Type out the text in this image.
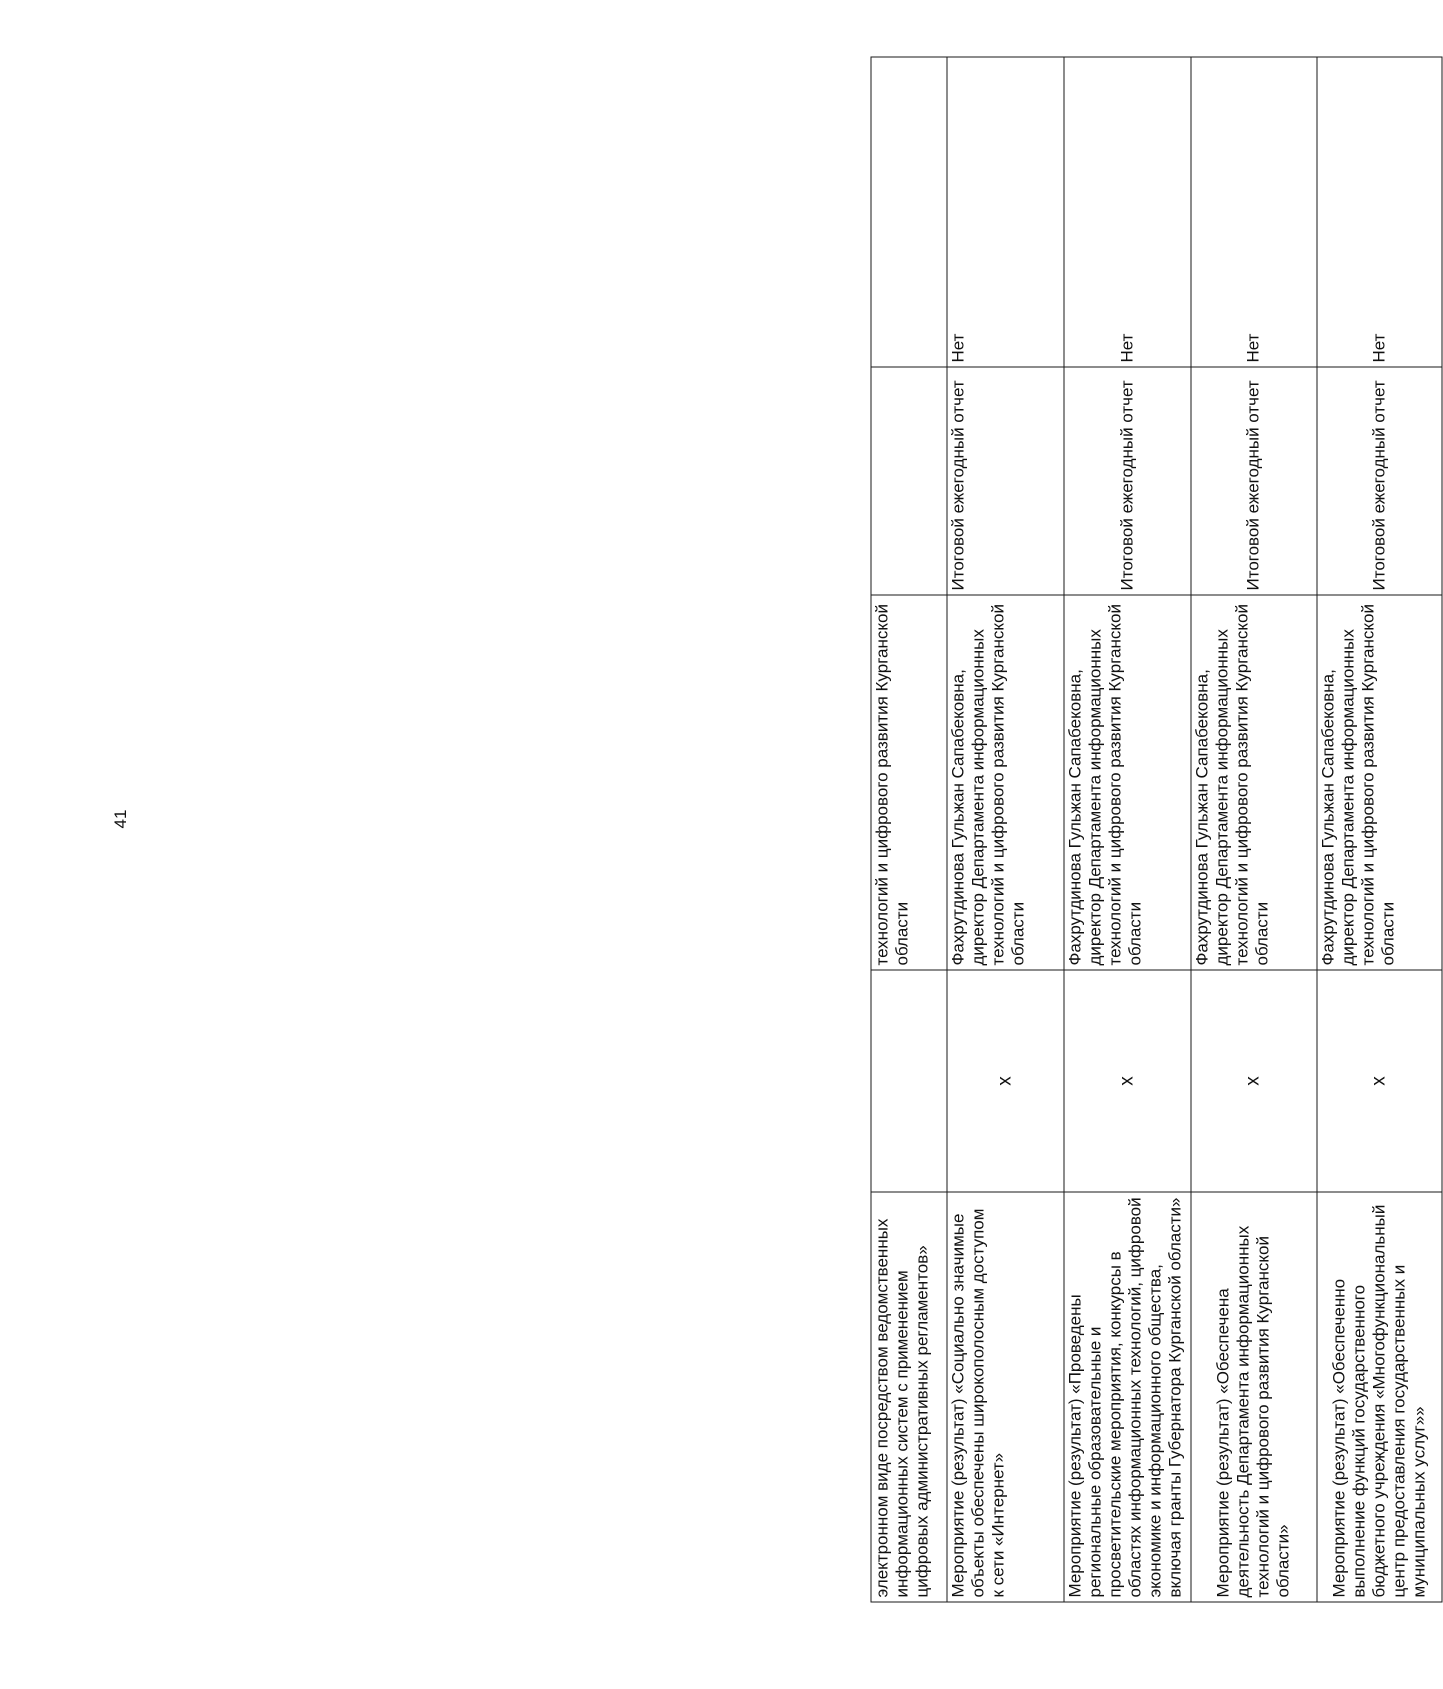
41
электронном виде посредством ведомственных информационных систем с применением цифровых административных регламентов»		технологий и цифрового развития Курганской области		
Мероприятие (результат) «Социально значимые объекты обеспечены широкополосным доступом к сети «Интернет»	x	Фахрутдинова Гульжан Сапабековна, директор Департамента информационных технологий и цифрового развития Курганской области	Итоговой ежегодный отчет	Нет
Мероприятие (результат) «Проведены региональные образовательные и просветительские мероприятия, конкурсы в областях информационных технологий, цифровой экономике и информационного общества, включая гранты Губернатора Курганской области»	x	Фахрутдинова Гульжан Сапабековна, директор Департамента информационных технологий и цифрового развития Курганской области	Итоговой ежегодный отчет	Нет
Мероприятие (результат) «Обеспечена деятельность Департамента информационных технологий и цифрового развития Курганской области»	x	Фахрутдинова Гульжан Сапабековна, директор Департамента информационных технологий и цифрового развития Курганской области	Итоговой ежегодный отчет	Нет
Мероприятие (результат) «Обеспеченно выполнение функций государственного бюджетного учреждения «Многофункциональный центр предоставления государственных и муниципальных услуг»»	x	Фахрутдинова Гульжан Сапабековна, директор Департамента информационных технологий и цифрового развития Курганской области	Итоговой ежегодный отчет	Нет
